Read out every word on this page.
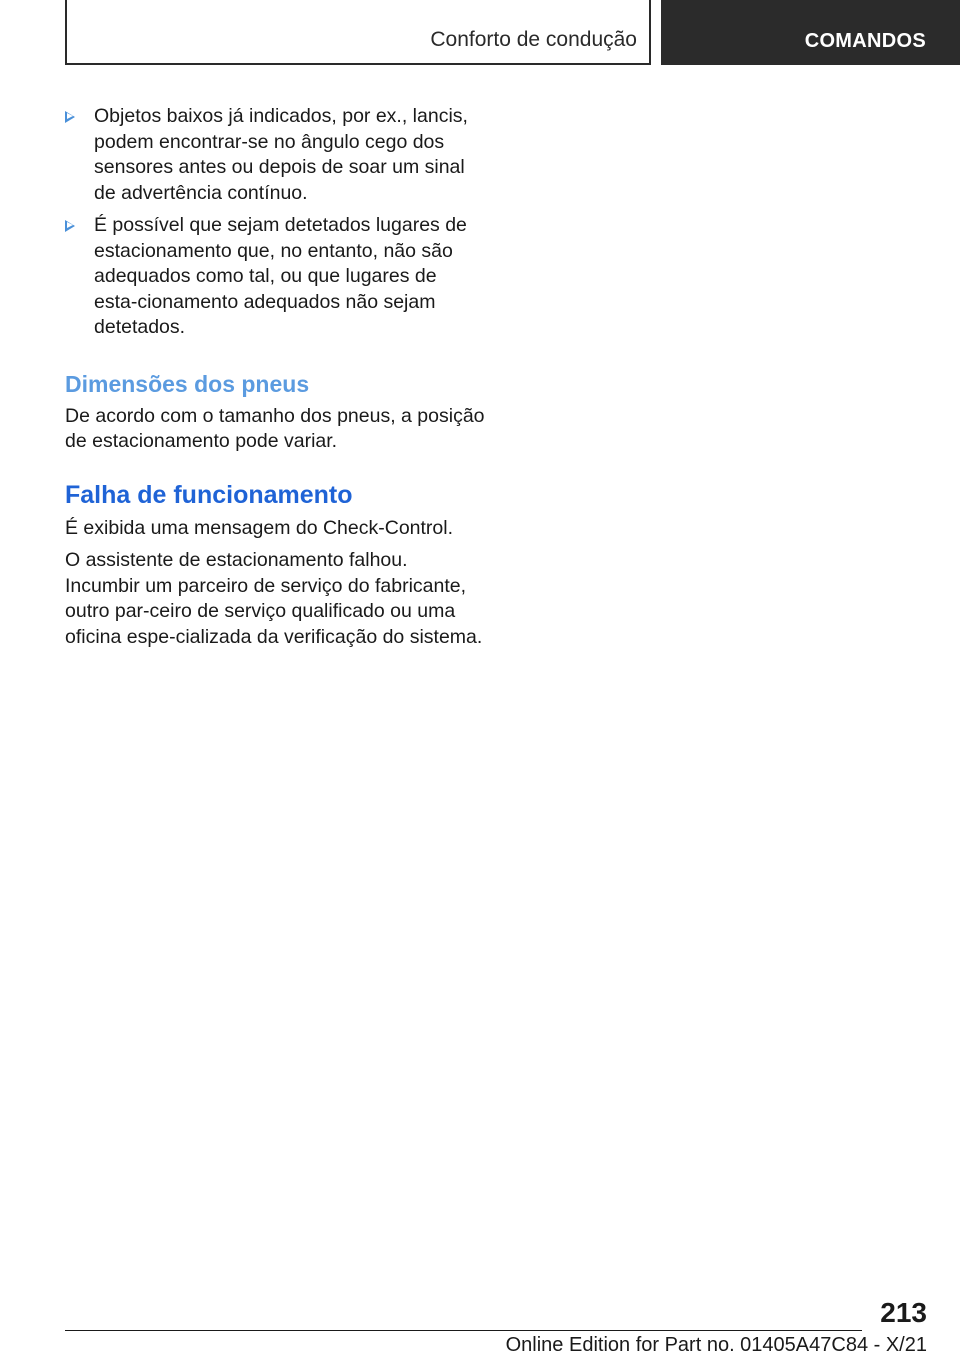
Conforto de condução	COMANDOS
Objetos baixos já indicados, por ex., lancis, podem encontrar-se no ângulo cego dos sensores antes ou depois de soar um sinal de advertência contínuo.
É possível que sejam detetados lugares de estacionamento que, no entanto, não são adequados como tal, ou que lugares de esta-cionamento adequados não sejam detetados.
Dimensões dos pneus

De acordo com o tamanho dos pneus, a posição de estacionamento pode variar.

Falha de funcionamento

É exibida uma mensagem do Check-Control.

O assistente de estacionamento falhou. Incumbir um parceiro de serviço do fabricante, outro par-ceiro de serviço qualificado ou uma oficina espe-cializada da verificação do sistema.

213
Online Edition for Part no. 01405A47C84 - X/21
